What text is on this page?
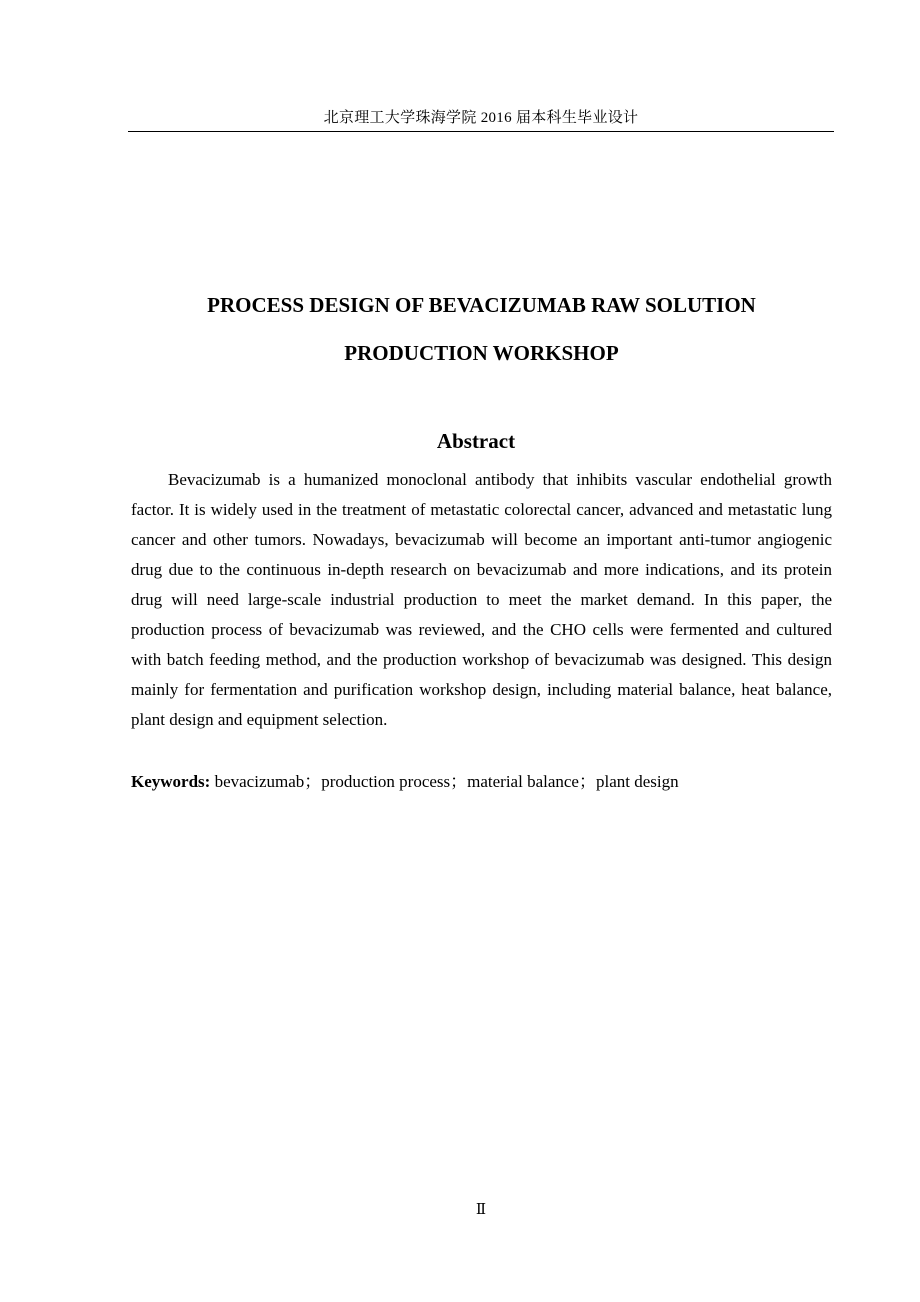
北京理工大学珠海学院 2016 届本科生毕业设计
PROCESS DESIGN OF BEVACIZUMAB RAW SOLUTION
PRODUCTION WORKSHOP
Abstract

Bevacizumab is a humanized monoclonal antibody that inhibits vascular endothelial growth factor. It is widely used in the treatment of metastatic colorectal cancer, advanced and metastatic lung cancer and other tumors. Nowadays, bevacizumab will become an important anti-tumor angiogenic drug due to the continuous in-depth research on bevacizumab and more indications, and its protein drug will need large-scale industrial production to meet the market demand. In this paper, the production process of bevacizumab was reviewed, and the CHO cells were fermented and cultured with batch feeding method, and the production workshop of bevacizumab was designed. This design mainly for fermentation and purification workshop design, including material balance, heat balance, plant design and equipment selection.

Keywords: bevacizumab；production process；material balance；plant design
Ⅱ
